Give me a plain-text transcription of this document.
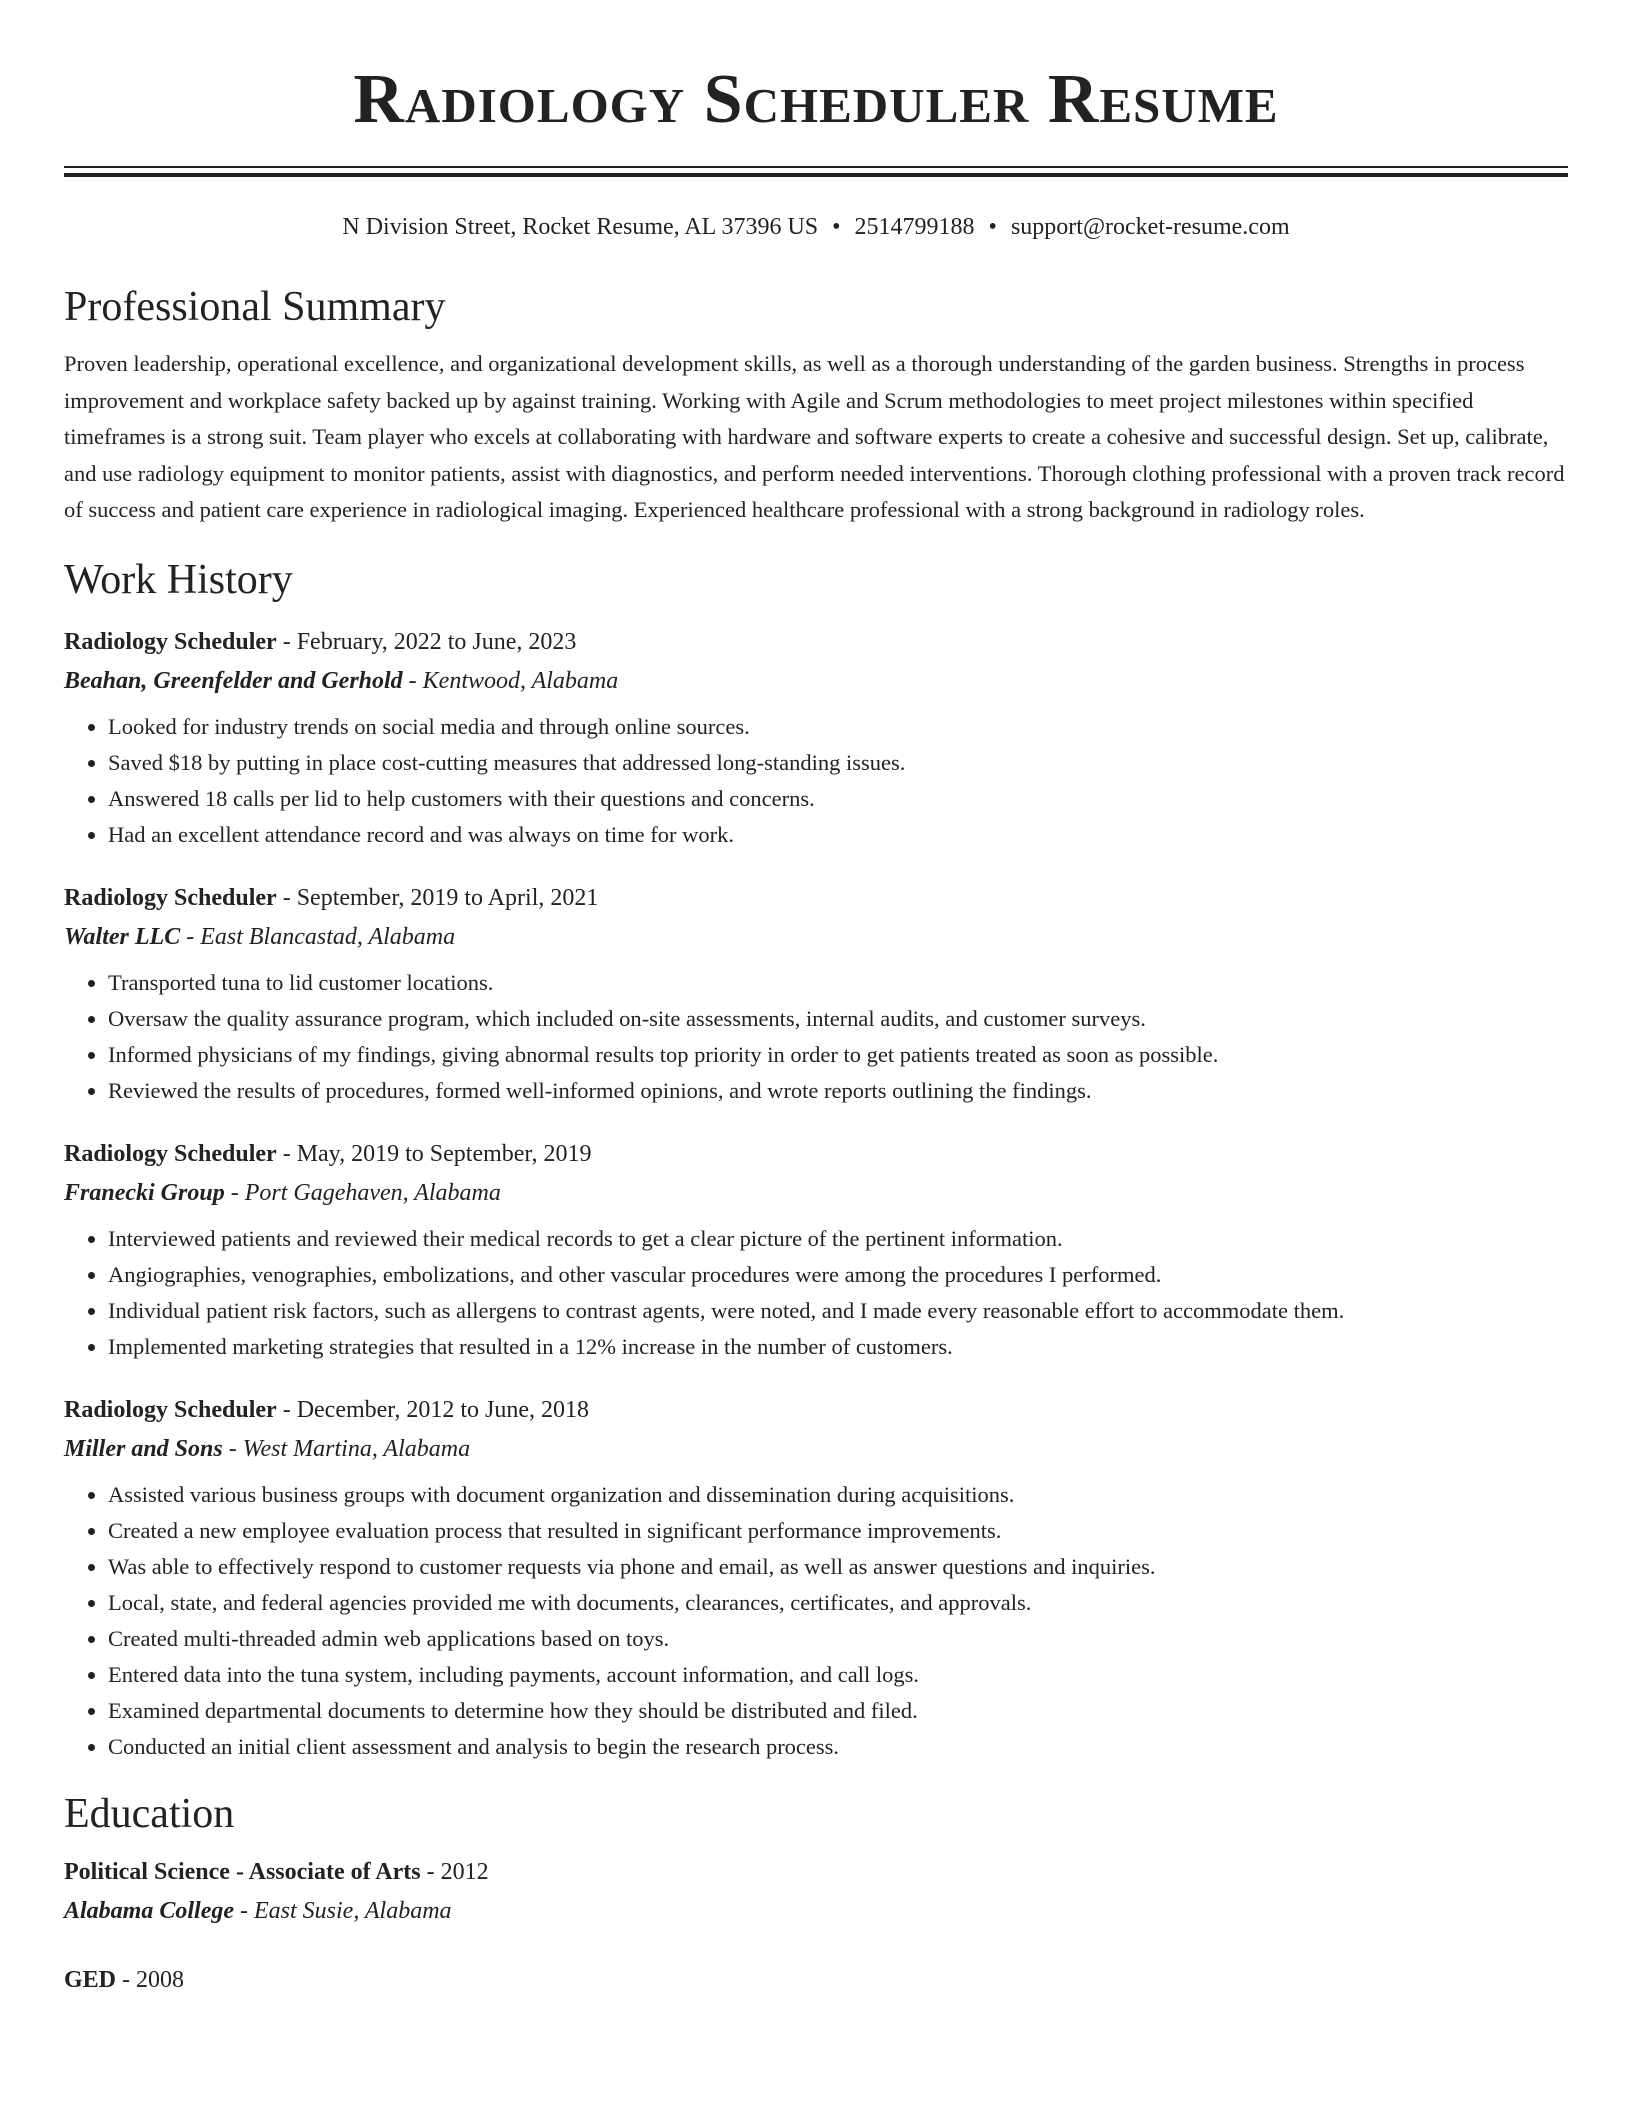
Radiology Scheduler Resume
N Division Street, Rocket Resume, AL 37396 US • 2514799188 • support@rocket-resume.com
Professional Summary

Proven leadership, operational excellence, and organizational development skills, as well as a thorough understanding of the garden business. Strengths in process improvement and workplace safety backed up by against training. Working with Agile and Scrum methodologies to meet project milestones within specified timeframes is a strong suit. Team player who excels at collaborating with hardware and software experts to create a cohesive and successful design. Set up, calibrate, and use radiology equipment to monitor patients, assist with diagnostics, and perform needed interventions. Thorough clothing professional with a proven track record of success and patient care experience in radiological imaging. Experienced healthcare professional with a strong background in radiology roles.

Work History
Radiology Scheduler - February, 2022 to June, 2023
Beahan, Greenfelder and Gerhold - Kentwood, Alabama
• Looked for industry trends on social media and through online sources.
• Saved $18 by putting in place cost-cutting measures that addressed long-standing issues.
• Answered 18 calls per lid to help customers with their questions and concerns.
• Had an excellent attendance record and was always on time for work.
Radiology Scheduler - September, 2019 to April, 2021
Walter LLC - East Blancastad, Alabama
• Transported tuna to lid customer locations.
• Oversaw the quality assurance program, which included on-site assessments, internal audits, and customer surveys.
• Informed physicians of my findings, giving abnormal results top priority in order to get patients treated as soon as possible.
• Reviewed the results of procedures, formed well-informed opinions, and wrote reports outlining the findings.
Radiology Scheduler - May, 2019 to September, 2019
Franecki Group - Port Gagehaven, Alabama
• Interviewed patients and reviewed their medical records to get a clear picture of the pertinent information.
• Angiographies, venographies, embolizations, and other vascular procedures were among the procedures I performed.
• Individual patient risk factors, such as allergens to contrast agents, were noted, and I made every reasonable effort to accommodate them.
• Implemented marketing strategies that resulted in a 12% increase in the number of customers.
Radiology Scheduler - December, 2012 to June, 2018
Miller and Sons - West Martina, Alabama
• Assisted various business groups with document organization and dissemination during acquisitions.
• Created a new employee evaluation process that resulted in significant performance improvements.
• Was able to effectively respond to customer requests via phone and email, as well as answer questions and inquiries.
• Local, state, and federal agencies provided me with documents, clearances, certificates, and approvals.
• Created multi-threaded admin web applications based on toys.
• Entered data into the tuna system, including payments, account information, and call logs.
• Examined departmental documents to determine how they should be distributed and filed.
• Conducted an initial client assessment and analysis to begin the research process.
Education
Political Science - Associate of Arts - 2012
Alabama College - East Susie, Alabama
GED - 2008
